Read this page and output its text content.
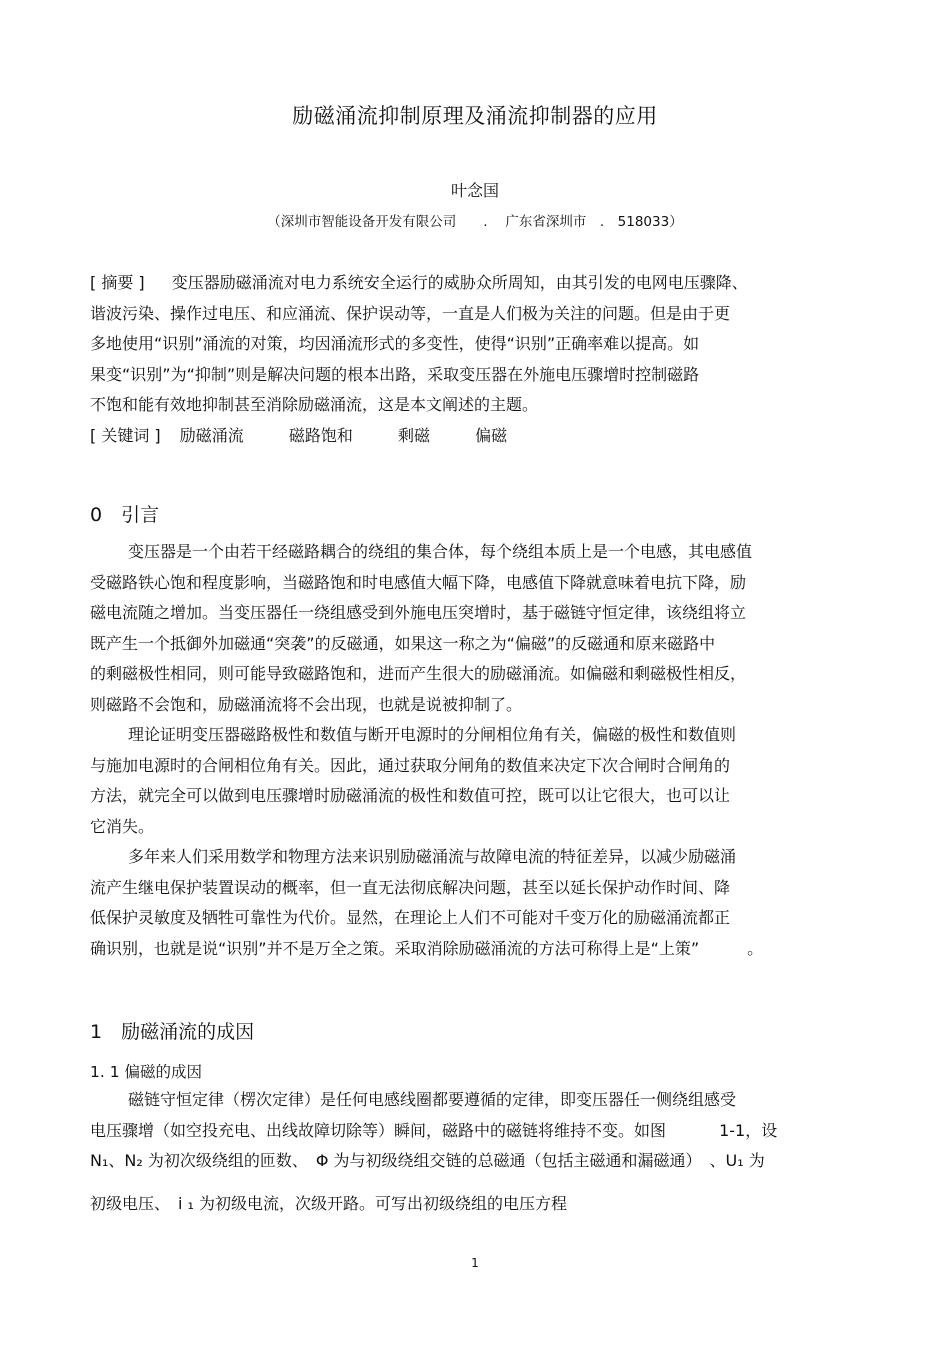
励磁涌流抑制原理及涌流抑制器的应用
叶念国
（深圳市智能设备开发有限公司　　.　 广东省深圳市　.　518033）
[ 摘要 ] 变压器励磁涌流对电力系统安全运行的威胁众所周知，由其引发的电网电压骤降、
谐波污染、操作过电压、和应涌流、保护误动等，一直是人们极为关注的问题。但是由于更
多地使用“识别”涌流的对策，均因涌流形式的多变性，使得“识别”正确率难以提高。如
果变“识别”为“抑制”则是解决问题的根本出路，采取变压器在外施电压骤增时控制磁路
不饱和能有效地抑制甚至消除励磁涌流，这是本文阐述的主题。
[ 关键词 ] 励磁涌流	磁路饱和	剩磁	偏磁
0　引言
变压器是一个由若干经磁路耦合的绕组的集合体，每个绕组本质上是一个电感，其电感值
受磁路铁心饱和程度影响，当磁路饱和时电感值大幅下降，电感值下降就意味着电抗下降，励
磁电流随之增加。当变压器任一绕组感受到外施电压突增时，基于磁链守恒定律，该绕组将立
既产生一个抵御外加磁通“突袭”的反磁通，如果这一称之为“偏磁”的反磁通和原来磁路中
的剩磁极性相同，则可能导致磁路饱和，进而产生很大的励磁涌流。如偏磁和剩磁极性相反，
则磁路不会饱和，励磁涌流将不会出现，也就是说被抑制了。
理论证明变压器磁路极性和数值与断开电源时的分闸相位角有关，偏磁的极性和数值则
与施加电源时的合闸相位角有关。因此，通过获取分闸角的数值来决定下次合闸时合闸角的
方法，就完全可以做到电压骤增时励磁涌流的极性和数值可控，既可以让它很大，也可以让
它消失。
多年来人们采用数学和物理方法来识别励磁涌流与故障电流的特征差异，以减少励磁涌
流产生继电保护装置误动的概率，但一直无法彻底解决问题，甚至以延长保护动作时间、降
低保护灵敏度及牺牲可靠性为代价。显然，在理论上人们不可能对千变万化的励磁涌流都正
确识别，也就是说“识别”并不是万全之策。采取消除励磁涌流的方法可称得上是“上策”　　　。
1　励磁涌流的成因
1. 1 偏磁的成因
磁链守恒定律（楞次定律）是任何电感线圈都要遵循的定律，即变压器任一侧绕组感受
电压骤增（如空投充电、出线故障切除等）瞬间，磁路中的磁链将维持不变。如图　　　 1-1，设
N₁、N₂ 为初次级绕组的匝数、　Φ 为与初级绕组交链的总磁通（包括主磁通和漏磁通）　、U₁ 为
初级电压、　i ₁ 为初级电流，次级开路。可写出初级绕组的电压方程
1
